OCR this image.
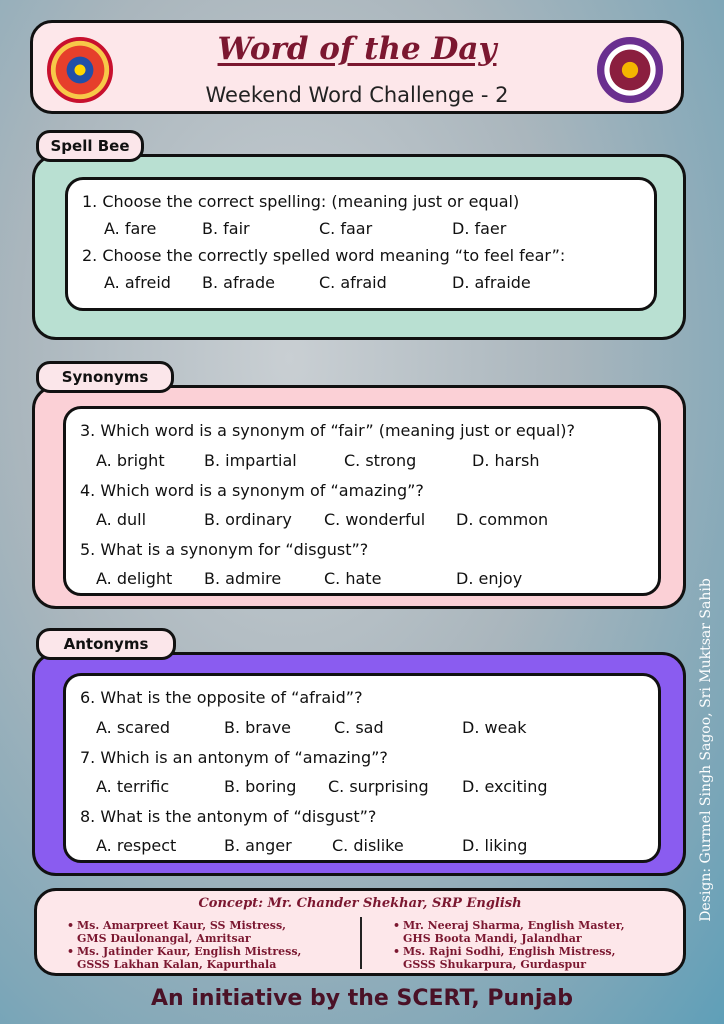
Word of the Day
Weekend Word Challenge - 2
Spell Bee
1. Choose the correct spelling: (meaning just or equal)
A. fare	B. fair	C. faar	D. faer
2. Choose the correctly spelled word meaning “to feel fear”:
A. afreid B. afrade	C. afraid	D. afraide
Synonyms
3. Which word is a synonym of “fair” (meaning just or equal)?
A. bright B. impartial	C. strong	D. harsh
4. Which word is a synonym of “amazing”?
A. dull	B. ordinary C. wonderful D. common
5. What is a synonym for “disgust”?
A. delight B. admire	C. hate	D. enjoy
Antonyms
6. What is the opposite of “afraid”?
A. scared	B. brave	C. sad	D. weak
7. Which is an antonym of “amazing”?
A. terrific	B. boring C. surprising D. exciting
8. What is the antonym of “disgust”?
A. respect	B. anger	C. dislike	D. liking
Concept: Mr. Chander Shekhar, SRP English
• Ms. Amarpreet Kaur, SS Mistress,
GMS Daulonangal, Amritsar
• Ms. Jatinder Kaur, English Mistress,
GSSS Lakhan Kalan, Kapurthala
• Mr. Neeraj Sharma, English Master,
GHS Boota Mandi, Jalandhar
• Ms. Rajni Sodhi, English Mistress,
GSSS Shukarpura, Gurdaspur
An initiative by the SCERT, Punjab
Design: Gurmel Singh Sagoo, Sri Muktsar Sahib
